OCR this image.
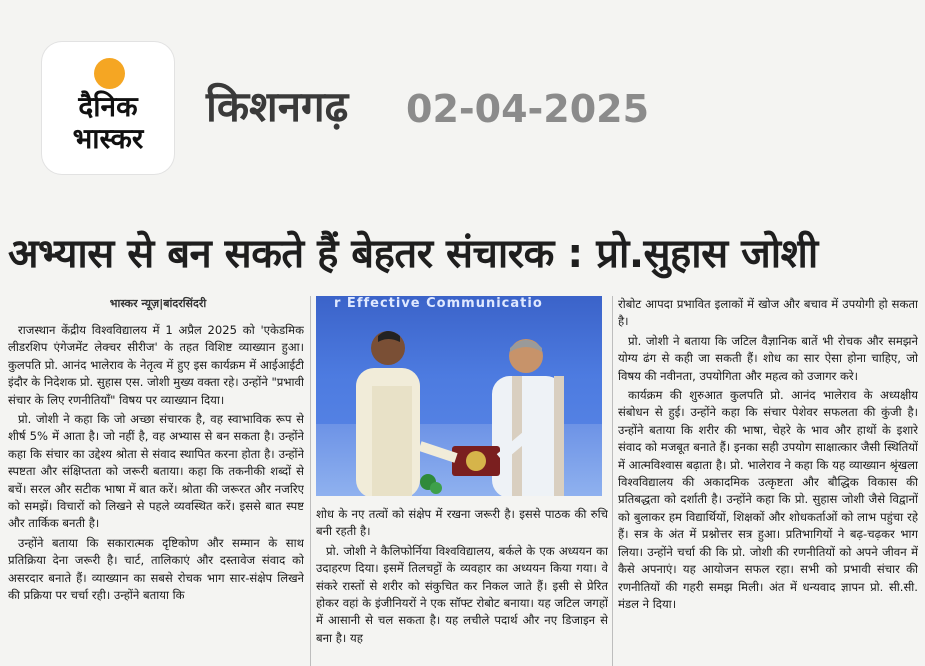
दैनिक
भास्कर
किशनगढ़ 02-04-2025
अभ्यास से बन सकते हैं बेहतर संचारक : प्रो.सुहास जोशी
भास्कर न्यूज़|बांदरसिंदरी

राजस्थान केंद्रीय विश्वविद्यालय में 1 अप्रैल 2025 को 'एकेडमिक लीडरशिप एंगेजमेंट लेक्चर सीरीज' के तहत विशिष्ट व्याख्यान हुआ। कुलपति प्रो. आनंद भालेराव के नेतृत्व में हुए इस कार्यक्रम में आईआईटी इंदौर के निदेशक प्रो. सुहास एस. जोशी मुख्य वक्ता रहे। उन्होंने "प्रभावी संचार के लिए रणनीतियाँ" विषय पर व्याख्यान दिया।

प्रो. जोशी ने कहा कि जो अच्छा संचारक है, वह स्वाभाविक रूप से शीर्ष 5% में आता है। जो नहीं है, वह अभ्यास से बन सकता है। उन्होंने कहा कि संचार का उद्देश्य श्रोता से संवाद स्थापित करना होता है। उन्होंने स्पष्टता और संक्षिप्तता को जरूरी बताया। कहा कि तकनीकी शब्दों से बचें। सरल और सटीक भाषा में बात करें। श्रोता की जरूरत और नजरिए को समझें। विचारों को लिखने से पहले व्यवस्थित करें। इससे बात स्पष्ट और तार्किक बनती है।

उन्होंने बताया कि सकारात्मक दृष्टिकोण और सम्मान के साथ प्रतिक्रिया देना जरूरी है। चार्ट, तालिकाएं और दस्तावेज संवाद को असरदार बनाते हैं। व्याख्यान का सबसे रोचक भाग सार-संक्षेप लिखने की प्रक्रिया पर चर्चा रही। उन्होंने बताया कि

r Effective Communicatio

शोध के नए तत्वों को संक्षेप में रखना जरूरी है। इससे पाठक की रुचि बनी रहती है।

प्रो. जोशी ने कैलिफोर्निया विश्वविद्यालय, बर्कले के एक अध्ययन का उदाहरण दिया। इसमें तिलचट्टों के व्यवहार का अध्ययन किया गया। वे संकरे रास्तों से शरीर को संकुचित कर निकल जाते हैं। इसी से प्रेरित होकर वहां के इंजीनियरों ने एक सॉफ्ट रोबोट बनाया। यह जटिल जगहों में आसानी से चल सकता है। यह लचीले पदार्थ और नए डिजाइन से बना है। यह

रोबोट आपदा प्रभावित इलाकों में खोज और बचाव में उपयोगी हो सकता है।

प्रो. जोशी ने बताया कि जटिल वैज्ञानिक बातें भी रोचक और समझने योग्य ढंग से कही जा सकती हैं। शोध का सार ऐसा होना चाहिए, जो विषय की नवीनता, उपयोगिता और महत्व को उजागर करे।

कार्यक्रम की शुरुआत कुलपति प्रो. आनंद भालेराव के अध्यक्षीय संबोधन से हुई। उन्होंने कहा कि संचार पेशेवर सफलता की कुंजी है। उन्होंने बताया कि शरीर की भाषा, चेहरे के भाव और हाथों के इशारे संवाद को मजबूत बनाते हैं। इनका सही उपयोग साक्षात्कार जैसी स्थितियों में आत्मविश्वास बढ़ाता है। प्रो. भालेराव ने कहा कि यह व्याख्यान श्रृंखला विश्वविद्यालय की अकादमिक उत्कृष्टता और बौद्धिक विकास की प्रतिबद्धता को दर्शाती है। उन्होंने कहा कि प्रो. सुहास जोशी जैसे विद्वानों को बुलाकर हम विद्यार्थियों, शिक्षकों और शोधकर्ताओं को लाभ पहुंचा रहे हैं। सत्र के अंत में प्रश्नोत्तर सत्र हुआ। प्रतिभागियों ने बढ़-चढ़कर भाग लिया। उन्होंने चर्चा की कि प्रो. जोशी की रणनीतियों को अपने जीवन में कैसे अपनाएं। यह आयोजन सफल रहा। सभी को प्रभावी संचार की रणनीतियों की गहरी समझ मिली। अंत में धन्यवाद ज्ञापन प्रो. सी.सी. मंडल ने दिया।
